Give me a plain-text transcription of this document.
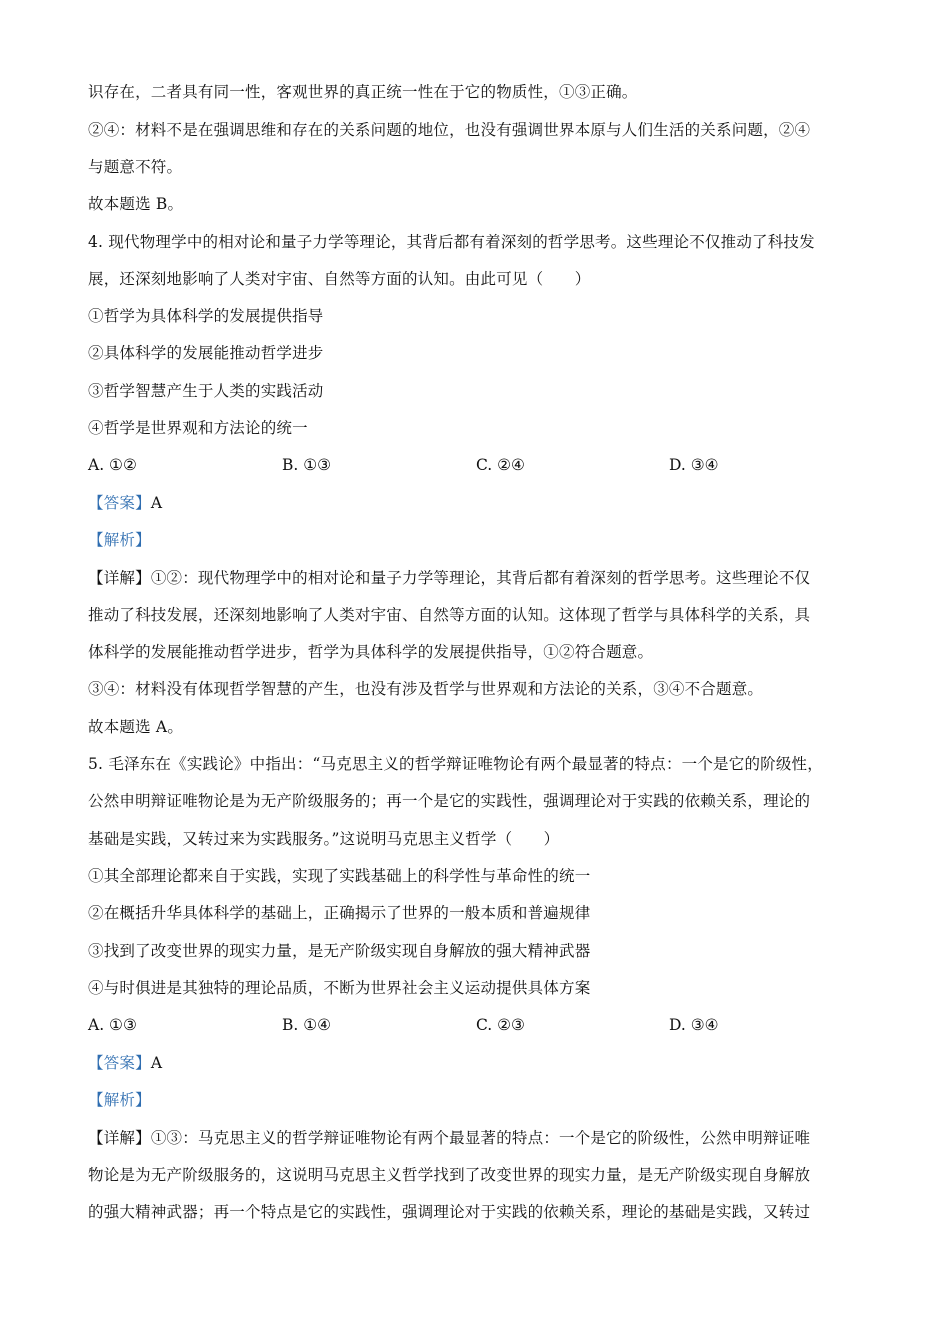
识存在，二者具有同一性，客观世界的真正统一性在于它的物质性，①③正确。
②④：材料不是在强调思维和存在的关系问题的地位，也没有强调世界本原与人们生活的关系问题，②④
与题意不符。
故本题选 B。
4. 现代物理学中的相对论和量子力学等理论，其背后都有着深刻的哲学思考。这些理论不仅推动了科技发
展，还深刻地影响了人类对宇宙、自然等方面的认知。由此可见（　　）
①哲学为具体科学的发展提供指导
②具体科学的发展能推动哲学进步
③哲学智慧产生于人类的实践活动
④哲学是世界观和方法论的统一
A. ①②	B. ①③	C. ②④	D. ③④
【答案】A
【解析】
【详解】①②：现代物理学中的相对论和量子力学等理论，其背后都有着深刻的哲学思考。这些理论不仅
推动了科技发展，还深刻地影响了人类对宇宙、自然等方面的认知。这体现了哲学与具体科学的关系，具
体科学的发展能推动哲学进步，哲学为具体科学的发展提供指导，①②符合题意。
③④：材料没有体现哲学智慧的产生，也没有涉及哲学与世界观和方法论的关系，③④不合题意。
故本题选 A。
5. 毛泽东在《实践论》中指出：“马克思主义的哲学辩证唯物论有两个最显著的特点：一个是它的阶级性，
公然申明辩证唯物论是为无产阶级服务的；再一个是它的实践性，强调理论对于实践的依赖关系，理论的
基础是实践，又转过来为实践服务。”这说明马克思主义哲学（　　）
①其全部理论都来自于实践，实现了实践基础上的科学性与革命性的统一
②在概括升华具体科学的基础上，正确揭示了世界的一般本质和普遍规律
③找到了改变世界的现实力量，是无产阶级实现自身解放的强大精神武器
④与时俱进是其独特的理论品质，不断为世界社会主义运动提供具体方案
A. ①③	B. ①④	C. ②③	D. ③④
【答案】A
【解析】
【详解】①③：马克思主义的哲学辩证唯物论有两个最显著的特点：一个是它的阶级性，公然申明辩证唯
物论是为无产阶级服务的，这说明马克思主义哲学找到了改变世界的现实力量，是无产阶级实现自身解放
的强大精神武器；再一个特点是它的实践性，强调理论对于实践的依赖关系，理论的基础是实践，又转过
